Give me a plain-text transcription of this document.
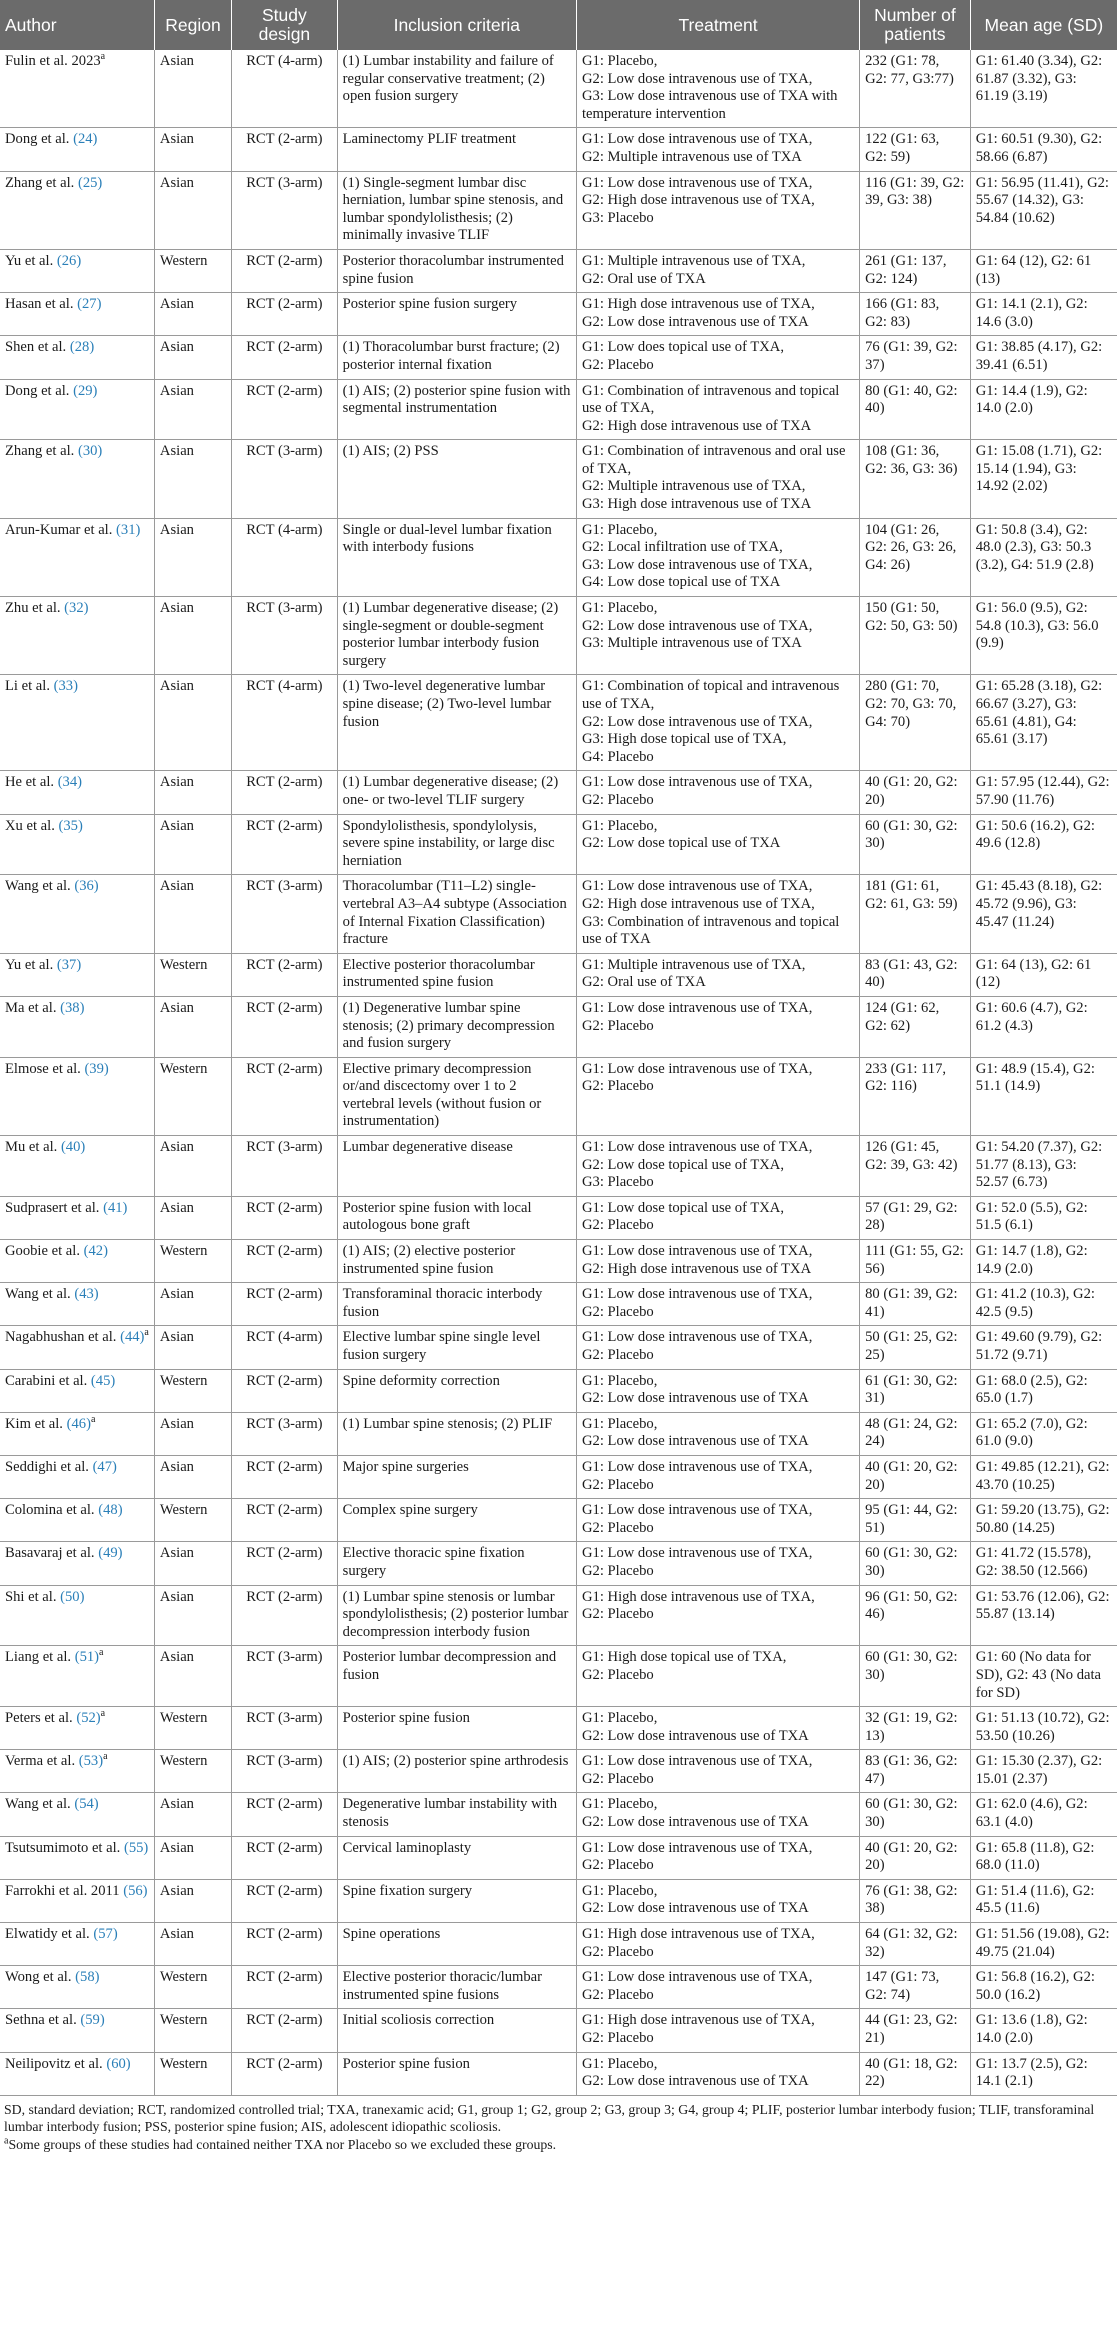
Author	Region	Study design	Inclusion criteria	Treatment	Number of patients	Mean age (SD)
Fulin et al. 2023$^a$	Asian	RCT (4-arm)	(1) Lumbar instability and failure of regular conservative treatment; (2) open fusion surgery	G1: Placebo,
G2: Low dose intravenous use of TXA,
G3: Low dose intravenous use of TXA with temperature intervention	232 (G1: 78, G2: 77, G3:77)	G1: 61.40 (3.34), G2: 61.87 (3.32), G3: 61.19 (3.19)
Dong et al. (24)	Asian	RCT (2-arm)	Laminectomy PLIF treatment	G1: Low dose intravenous use of TXA,
G2: Multiple intravenous use of TXA	122 (G1: 63, G2: 59)	G1: 60.51 (9.30), G2: 58.66 (6.87)
Zhang et al. (25)	Asian	RCT (3-arm)	(1) Single-segment lumbar disc herniation, lumbar spine stenosis, and lumbar spondylolisthesis; (2) minimally invasive TLIF	G1: Low dose intravenous use of TXA,
G2: High dose intravenous use of TXA,
G3: Placebo	116 (G1: 39, G2: 39, G3: 38)	G1: 56.95 (11.41), G2: 55.67 (14.32), G3: 54.84 (10.62)
Yu et al. (26)	Western	RCT (2-arm)	Posterior thoracolumbar instrumented spine fusion	G1: Multiple intravenous use of TXA,
G2: Oral use of TXA	261 (G1: 137, G2: 124)	G1: 64 (12), G2: 61 (13)
Hasan et al. (27)	Asian	RCT (2-arm)	Posterior spine fusion surgery	G1: High dose intravenous use of TXA,
G2: Low dose intravenous use of TXA	166 (G1: 83, G2: 83)	G1: 14.1 (2.1), G2: 14.6 (3.0)
Shen et al. (28)	Asian	RCT (2-arm)	(1) Thoracolumbar burst fracture; (2) posterior internal fixation	G1: Low does topical use of TXA,
G2: Placebo	76 (G1: 39, G2: 37)	G1: 38.85 (4.17), G2: 39.41 (6.51)
Dong et al. (29)	Asian	RCT (2-arm)	(1) AIS; (2) posterior spine fusion with segmental instrumentation	G1: Combination of intravenous and topical use of TXA,
G2: High dose intravenous use of TXA	80 (G1: 40, G2: 40)	G1: 14.4 (1.9), G2: 14.0 (2.0)
Zhang et al. (30)	Asian	RCT (3-arm)	(1) AIS; (2) PSS	G1: Combination of intravenous and oral use of TXA,
G2: Multiple intravenous use of TXA,
G3: High dose intravenous use of TXA	108 (G1: 36, G2: 36, G3: 36)	G1: 15.08 (1.71), G2: 15.14 (1.94), G3: 14.92 (2.02)
Arun-Kumar et al. (31)	Asian	RCT (4-arm)	Single or dual-level lumbar fixation with interbody fusions	G1: Placebo,
G2: Local infiltration use of TXA,
G3: Low dose intravenous use of TXA,
G4: Low dose topical use of TXA	104 (G1: 26, G2: 26, G3: 26, G4: 26)	G1: 50.8 (3.4), G2: 48.0 (2.3), G3: 50.3 (3.2), G4: 51.9 (2.8)
Zhu et al. (32)	Asian	RCT (3-arm)	(1) Lumbar degenerative disease; (2) single-segment or double-segment posterior lumbar interbody fusion surgery	G1: Placebo,
G2: Low dose intravenous use of TXA,
G3: Multiple intravenous use of TXA	150 (G1: 50, G2: 50, G3: 50)	G1: 56.0 (9.5), G2: 54.8 (10.3), G3: 56.0 (9.9)
Li et al. (33)	Asian	RCT (4-arm)	(1) Two-level degenerative lumbar spine disease; (2) Two-level lumbar fusion	G1: Combination of topical and intravenous use of TXA,
G2: Low dose intravenous use of TXA,
G3: High dose topical use of TXA,
G4: Placebo	280 (G1: 70, G2: 70, G3: 70, G4: 70)	G1: 65.28 (3.18), G2: 66.67 (3.27), G3: 65.61 (4.81), G4: 65.61 (3.17)
He et al. (34)	Asian	RCT (2-arm)	(1) Lumbar degenerative disease; (2) one- or two-level TLIF surgery	G1: Low dose intravenous use of TXA,
G2: Placebo	40 (G1: 20, G2: 20)	G1: 57.95 (12.44), G2: 57.90 (11.76)
Xu et al. (35)	Asian	RCT (2-arm)	Spondylolisthesis, spondylolysis, severe spine instability, or large disc herniation	G1: Placebo,
G2: Low dose topical use of TXA	60 (G1: 30, G2: 30)	G1: 50.6 (16.2), G2: 49.6 (12.8)
Wang et al. (36)	Asian	RCT (3-arm)	Thoracolumbar (T11–L2) single-vertebral A3–A4 subtype (Association of Internal Fixation Classification) fracture	G1: Low dose intravenous use of TXA,
G2: High dose intravenous use of TXA,
G3: Combination of intravenous and topical use of TXA	181 (G1: 61, G2: 61, G3: 59)	G1: 45.43 (8.18), G2: 45.72 (9.96), G3: 45.47 (11.24)
Yu et al. (37)	Western	RCT (2-arm)	Elective posterior thoracolumbar instrumented spine fusion	G1: Multiple intravenous use of TXA,
G2: Oral use of TXA	83 (G1: 43, G2: 40)	G1: 64 (13), G2: 61 (12)
Ma et al. (38)	Asian	RCT (2-arm)	(1) Degenerative lumbar spine stenosis; (2) primary decompression and fusion surgery	G1: Low dose intravenous use of TXA,
G2: Placebo	124 (G1: 62, G2: 62)	G1: 60.6 (4.7), G2: 61.2 (4.3)
Elmose et al. (39)	Western	RCT (2-arm)	Elective primary decompression or/and discectomy over 1 to 2 vertebral levels (without fusion or instrumentation)	G1: Low dose intravenous use of TXA,
G2: Placebo	233 (G1: 117, G2: 116)	G1: 48.9 (15.4), G2: 51.1 (14.9)
Mu et al. (40)	Asian	RCT (3-arm)	Lumbar degenerative disease	G1: Low dose intravenous use of TXA,
G2: Low dose topical use of TXA,
G3: Placebo	126 (G1: 45, G2: 39, G3: 42)	G1: 54.20 (7.37), G2: 51.77 (8.13), G3: 52.57 (6.73)
Sudprasert et al. (41)	Asian	RCT (2-arm)	Posterior spine fusion with local autologous bone graft	G1: Low dose topical use of TXA,
G2: Placebo	57 (G1: 29, G2: 28)	G1: 52.0 (5.5), G2: 51.5 (6.1)
Goobie et al. (42)	Western	RCT (2-arm)	(1) AIS; (2) elective posterior instrumented spine fusion	G1: Low dose intravenous use of TXA,
G2: High dose intravenous use of TXA	111 (G1: 55, G2: 56)	G1: 14.7 (1.8), G2: 14.9 (2.0)
Wang et al. (43)	Asian	RCT (2-arm)	Transforaminal thoracic interbody fusion	G1: Low dose intravenous use of TXA,
G2: Placebo	80 (G1: 39, G2: 41)	G1: 41.2 (10.3), G2: 42.5 (9.5)
Nagabhushan et al. $(44)^a$	Asian	RCT (4-arm)	Elective lumbar spine single level fusion surgery	G1: Low dose intravenous use of TXA,
G2: Placebo	50 (G1: 25, G2: 25)	G1: 49.60 (9.79), G2: 51.72 (9.71)
Carabini et al. (45)	Western	RCT (2-arm)	Spine deformity correction	G1: Placebo,
G2: Low dose intravenous use of TXA	61 (G1: 30, G2: 31)	G1: 68.0 (2.5), G2: 65.0 (1.7)
Kim et al. $(46)^a$	Asian	RCT (3-arm)	(1) Lumbar spine stenosis; (2) PLIF	G1: Placebo,
G2: Low dose intravenous use of TXA	48 (G1: 24, G2: 24)	G1: 65.2 (7.0), G2: 61.0 (9.0)
Seddighi et al. (47)	Asian	RCT (2-arm)	Major spine surgeries	G1: Low dose intravenous use of TXA,
G2: Placebo	40 (G1: 20, G2: 20)	G1: 49.85 (12.21), G2: 43.70 (10.25)
Colomina et al. (48)	Western	RCT (2-arm)	Complex spine surgery	G1: Low dose intravenous use of TXA,
G2: Placebo	95 (G1: 44, G2: 51)	G1: 59.20 (13.75), G2: 50.80 (14.25)
Basavaraj et al. (49)	Asian	RCT (2-arm)	Elective thoracic spine fixation surgery	G1: Low dose intravenous use of TXA,
G2: Placebo	60 (G1: 30, G2: 30)	G1: 41.72 (15.578), G2: 38.50 (12.566)
Shi et al. (50)	Asian	RCT (2-arm)	(1) Lumbar spine stenosis or lumbar spondylolisthesis; (2) posterior lumbar decompression interbody fusion	G1: High dose intravenous use of TXA,
G2: Placebo	96 (G1: 50, G2: 46)	G1: 53.76 (12.06), G2: 55.87 (13.14)
Liang et al. $(51)^a$	Asian	RCT (3-arm)	Posterior lumbar decompression and fusion	G1: High dose topical use of TXA,
G2: Placebo	60 (G1: 30, G2: 30)	G1: 60 (No data for SD), G2: 43 (No data for SD)
Peters et al. $(52)^a$	Western	RCT (3-arm)	Posterior spine fusion	G1: Placebo,
G2: Low dose intravenous use of TXA	32 (G1: 19, G2: 13)	G1: 51.13 (10.72), G2: 53.50 (10.26)
Verma et al. $(53)^a$	Western	RCT (3-arm)	(1) AIS; (2) posterior spine arthrodesis	G1: Low dose intravenous use of TXA,
G2: Placebo	83 (G1: 36, G2: 47)	G1: 15.30 (2.37), G2: 15.01 (2.37)
Wang et al. (54)	Asian	RCT (2-arm)	Degenerative lumbar instability with stenosis	G1: Placebo,
G2: Low dose intravenous use of TXA	60 (G1: 30, G2: 30)	G1: 62.0 (4.6), G2: 63.1 (4.0)
Tsutsumimoto et al. (55)	Asian	RCT (2-arm)	Cervical laminoplasty	G1: Low dose intravenous use of TXA,
G2: Placebo	40 (G1: 20, G2: 20)	G1: 65.8 (11.8), G2: 68.0 (11.0)
Farrokhi et al. 2011 (56)	Asian	RCT (2-arm)	Spine fixation surgery	G1: Placebo,
G2: Low dose intravenous use of TXA	76 (G1: 38, G2: 38)	G1: 51.4 (11.6), G2: 45.5 (11.6)
Elwatidy et al. (57)	Asian	RCT (2-arm)	Spine operations	G1: High dose intravenous use of TXA,
G2: Placebo	64 (G1: 32, G2: 32)	G1: 51.56 (19.08), G2: 49.75 (21.04)
Wong et al. (58)	Western	RCT (2-arm)	Elective posterior thoracic/lumbar instrumented spine fusions	G1: Low dose intravenous use of TXA,
G2: Placebo	147 (G1: 73, G2: 74)	G1: 56.8 (16.2), G2: 50.0 (16.2)
Sethna et al. (59)	Western	RCT (2-arm)	Initial scoliosis correction	G1: High dose intravenous use of TXA,
G2: Placebo	44 (G1: 23, G2: 21)	G1: 13.6 (1.8), G2: 14.0 (2.0)
Neilipovitz et al. (60)	Western	RCT (2-arm)	Posterior spine fusion	G1: Placebo,
G2: Low dose intravenous use of TXA	40 (G1: 18, G2: 22)	G1: 13.7 (2.5), G2: 14.1 (2.1)

SD, standard deviation; RCT, randomized controlled trial; TXA, tranexamic acid; G1, group 1; G2, group 2; G3, group 3; G4, group 4; PLIF, posterior lumbar interbody fusion; TLIF, transforaminal lumbar interbody fusion; PSS, posterior spine fusion; AIS, adolescent idiopathic scoliosis.

$^a$Some groups of these studies had contained neither TXA nor Placebo so we excluded these groups.
